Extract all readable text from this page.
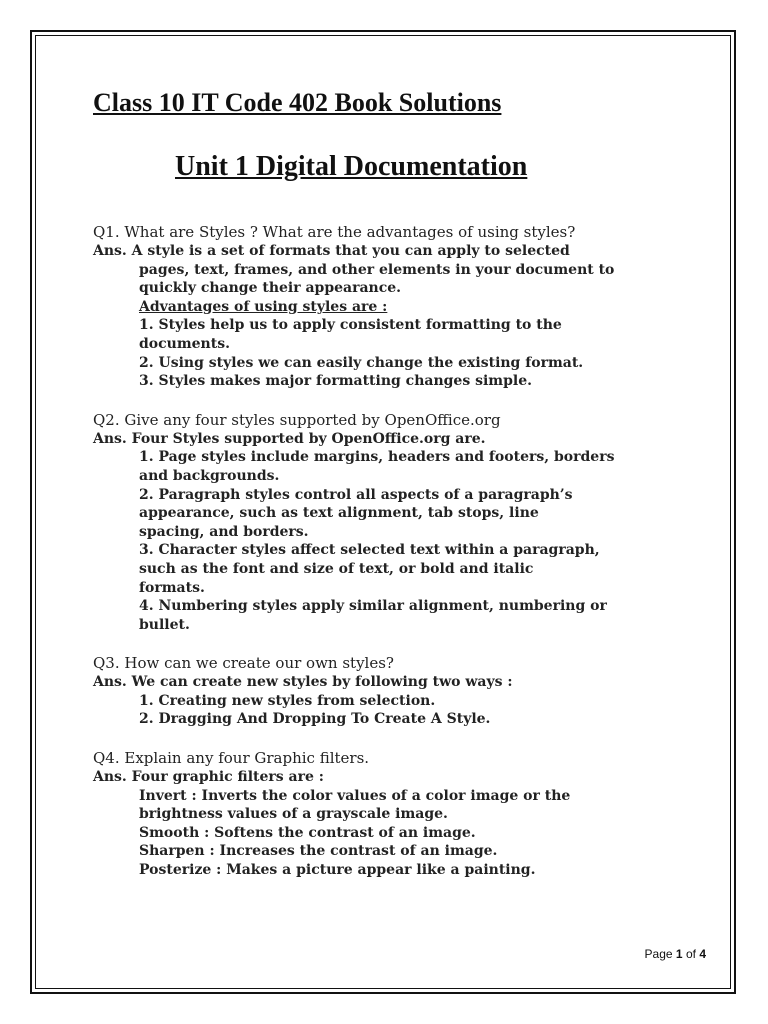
Class 10 IT Code 402 Book Solutions
Unit 1 Digital Documentation
Q1. What are Styles ? What are the advantages of using styles?
Ans. A style is a set of formats that you can apply to selected
pages, text, frames, and other elements in your document to
quickly change their appearance.
Advantages of using styles are :
1. Styles help us to apply consistent formatting to the
documents.
2. Using styles we can easily change the existing format.
3. Styles makes major formatting changes simple.
Q2. Give any four styles supported by OpenOffice.org
Ans. Four Styles supported by OpenOffice.org are.
1. Page styles include margins, headers and footers, borders
and backgrounds.
2. Paragraph styles control all aspects of a paragraph’s
appearance, such as text alignment, tab stops, line
spacing, and borders.
3. Character styles affect selected text within a paragraph,
such as the font and size of text, or bold and italic
formats.
4. Numbering styles apply similar alignment, numbering or
bullet.
Q3. How can we create our own styles?
Ans. We can create new styles by following two ways :
1. Creating new styles from selection.
2. Dragging And Dropping To Create A Style.
Q4. Explain any four Graphic filters.
Ans. Four graphic filters are :
Invert : Inverts the color values of a color image or the
brightness values of a grayscale image.
Smooth : Softens the contrast of an image.
Sharpen : Increases the contrast of an image.
Posterize : Makes a picture appear like a painting.
Page 1 of 4
